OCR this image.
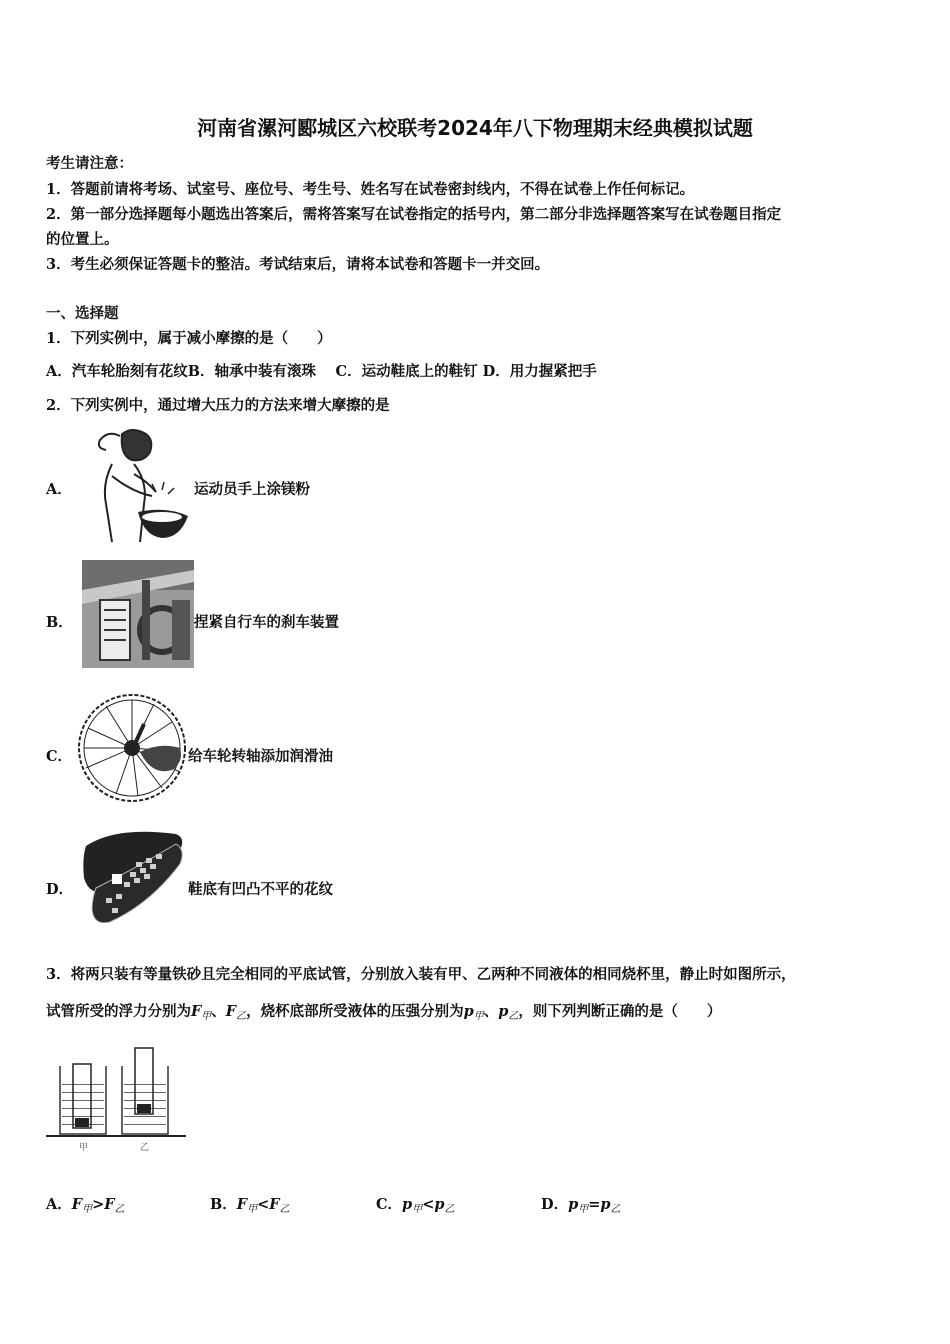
河南省漯河郾城区六校联考2024年八下物理期末经典模拟试题
考生请注意：
1．答题前请将考场、试室号、座位号、考生号、姓名写在试卷密封线内，不得在试卷上作任何标记。
2．第一部分选择题每小题选出答案后，需将答案写在试卷指定的括号内，第二部分非选择题答案写在试卷题目指定
的位置上。
3．考生必须保证答题卡的整洁。考试结束后，请将本试卷和答题卡一并交回。
一、选择题
1．下列实例中，属于减小摩擦的是（　　）
A．汽车轮胎刻有花纹B．轴承中装有滚珠　 C．运动鞋底上的鞋钉 D．用力握紧把手
2．下列实例中，通过增大压力的方法来增大摩擦的是
A．	运动员手上涂镁粉
B．	捏紧自行车的刹车装置
C．	给车轮转轴添加润滑油
D．	鞋底有凹凸不平的花纹
3．将两只装有等量铁砂且完全相同的平底试管，分别放入装有甲、乙两种不同液体的相同烧杯里，静止时如图所示，
试管所受的浮力分别为$F_甲$、$F_乙$，烧杯底部所受液体的压强分别为$p_甲$、$p_乙$，则下列判断正确的是（　　）
甲	乙
A．$F_甲>F_乙$	B．$F_甲<F_乙$	C．$p_甲<p_乙$	D．$p_甲=p_乙$
